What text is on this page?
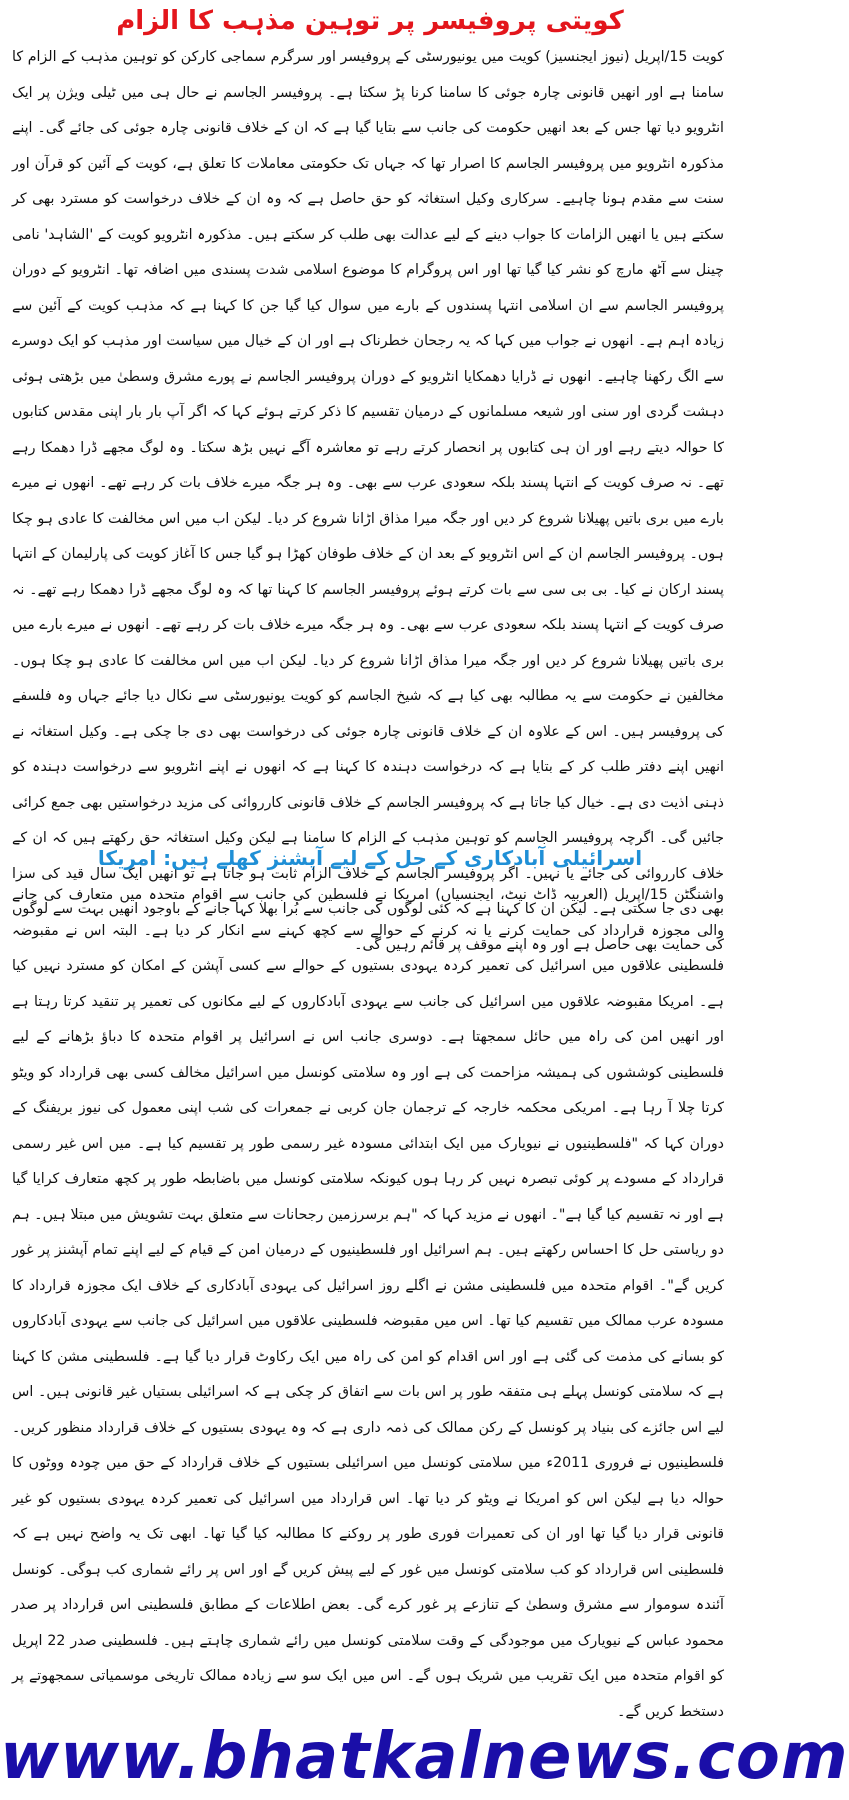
کویتی پروفیسر پر توہین مذہب کا الزام

کویت 15/اپریل (نیوز ایجنسیز) کویت میں یونیورسٹی کے پروفیسر اور سرگرم سماجی کارکن کو توہین مذہب کے الزام کا سامنا ہے اور انھیں قانونی چارہ جوئی کا سامنا کرنا پڑ سکتا ہے۔ پروفیسر الجاسم نے حال ہی میں ٹیلی ویژن پر ایک انٹرویو دیا تھا جس کے بعد انھیں حکومت کی جانب سے بتایا گیا ہے کہ ان کے خلاف قانونی چارہ جوئی کی جائے گی۔ اپنے مذکورہ انٹرویو میں پروفیسر الجاسم کا اصرار تھا کہ جہاں تک حکومتی معاملات کا تعلق ہے، کویت کے آئین کو قرآن اور سنت سے مقدم ہونا چاہیے۔ سرکاری وکیل استغاثہ کو حق حاصل ہے کہ وہ ان کے خلاف درخواست کو مسترد بھی کر سکتے ہیں یا انھیں الزامات کا جواب دینے کے لیے عدالت بھی طلب کر سکتے ہیں۔ مذکورہ انٹرویو کویت کے 'الشاہد' نامی چینل سے آٹھ مارچ کو نشر کیا گیا تھا اور اس پروگرام کا موضوع اسلامی شدت پسندی میں اضافہ تھا۔ انٹرویو کے دوران پروفیسر الجاسم سے ان اسلامی انتہا پسندوں کے بارے میں سوال کیا گیا جن کا کہنا ہے کہ مذہب کویت کے آئین سے زیادہ اہم ہے۔ انھوں نے جواب میں کہا کہ یہ رجحان خطرناک ہے اور ان کے خیال میں سیاست اور مذہب کو ایک دوسرے سے الگ رکھنا چاہیے۔ انھوں نے ڈرایا دھمکایا انٹرویو کے دوران پروفیسر الجاسم نے پورے مشرق وسطیٰ میں بڑھتی ہوئی دہشت گردی اور سنی اور شیعہ مسلمانوں کے درمیان تقسیم کا ذکر کرتے ہوئے کہا کہ اگر آپ بار بار اپنی مقدس کتابوں کا حوالہ دیتے رہے اور ان ہی کتابوں پر انحصار کرتے رہے تو معاشرہ آگے نہیں بڑھ سکتا۔ وہ لوگ مجھے ڈرا دھمکا رہے تھے۔ نہ صرف کویت کے انتہا پسند بلکہ سعودی عرب سے بھی۔ وہ ہر جگہ میرے خلاف بات کر رہے تھے۔ انھوں نے میرے بارے میں بری باتیں پھیلانا شروع کر دیں اور جگہ میرا مذاق اڑانا شروع کر دیا۔ لیکن اب میں اس مخالفت کا عادی ہو چکا ہوں۔ پروفیسر الجاسم ان کے اس انٹرویو کے بعد ان کے خلاف طوفان کھڑا ہو گیا جس کا آغاز کویت کی پارلیمان کے انتہا پسند ارکان نے کیا۔ بی بی سی سے بات کرتے ہوئے پروفیسر الجاسم کا کہنا تھا کہ وہ لوگ مجھے ڈرا دھمکا رہے تھے۔ نہ صرف کویت کے انتہا پسند بلکہ سعودی عرب سے بھی۔ وہ ہر جگہ میرے خلاف بات کر رہے تھے۔ انھوں نے میرے بارے میں بری باتیں پھیلانا شروع کر دیں اور جگہ میرا مذاق اڑانا شروع کر دیا۔ لیکن اب میں اس مخالفت کا عادی ہو چکا ہوں۔ مخالفین نے حکومت سے یہ مطالبہ بھی کیا ہے کہ شیخ الجاسم کو کویت یونیورسٹی سے نکال دیا جائے جہاں وہ فلسفے کی پروفیسر ہیں۔ اس کے علاوہ ان کے خلاف قانونی چارہ جوئی کی درخواست بھی دی جا چکی ہے۔ وکیل استغاثہ نے انھیں اپنے دفتر طلب کر کے بتایا ہے کہ درخواست دہندہ کا کہنا ہے کہ انھوں نے اپنے انٹرویو سے درخواست دہندہ کو ذہنی اذیت دی ہے۔ خیال کیا جاتا ہے کہ پروفیسر الجاسم کے خلاف قانونی کارروائی کی مزید درخواستیں بھی جمع کرائی جائیں گی۔ اگرچہ پروفیسر الجاسم کو توہین مذہب کے الزام کا سامنا ہے لیکن وکیل استغاثہ حق رکھتے ہیں کہ ان کے خلاف کارروائی کی جائے یا نہیں۔ اگر پروفیسر الجاسم کے خلاف الزام ثابت ہو جاتا ہے تو انھیں ایک سال قید کی سزا بھی دی جا سکتی ہے۔ لیکن ان کا کہنا ہے کہ کئی لوگوں کی جانب سے بُرا بھلا کہا جانے کے باوجود انھیں بہت سے لوگوں کی حمایت بھی حاصل ہے اور وہ اپنے موقف پر قائم رہیں گی۔

اسرائیلی آبادکاری کے حل کے لیے آپشنز کھلے ہیں: امریکا

واشنگٹن 15/اپریل (العربیہ ڈاٹ نیٹ، ایجنسیاں) امریکا نے فلسطین کی جانب سے اقوام متحدہ میں متعارف کی جانے والی مجوزہ قرارداد کی حمایت کرنے یا نہ کرنے کے حوالے سے کچھ کہنے سے انکار کر دیا ہے۔ البتہ اس نے مقبوضہ فلسطینی علاقوں میں اسرائیل کی تعمیر کردہ یہودی بستیوں کے حوالے سے کسی آپشن کے امکان کو مسترد نہیں کیا ہے۔ امریکا مقبوضہ علاقوں میں اسرائیل کی جانب سے یہودی آبادکاروں کے لیے مکانوں کی تعمیر پر تنقید کرتا رہتا ہے اور انھیں امن کی راہ میں حائل سمجھتا ہے۔ دوسری جانب اس نے اسرائیل پر اقوام متحدہ کا دباؤ بڑھانے کے لیے فلسطینی کوششوں کی ہمیشہ مزاحمت کی ہے اور وہ سلامتی کونسل میں اسرائیل مخالف کسی بھی قرارداد کو ویٹو کرتا چلا آ رہا ہے۔ امریکی محکمہ خارجہ کے ترجمان جان کربی نے جمعرات کی شب اپنی معمول کی نیوز بریفنگ کے دوران کہا کہ "فلسطینیوں نے نیویارک میں ایک ابتدائی مسودہ غیر رسمی طور پر تقسیم کیا ہے۔ میں اس غیر رسمی قرارداد کے مسودے پر کوئی تبصرہ نہیں کر رہا ہوں کیونکہ سلامتی کونسل میں باضابطہ طور پر کچھ متعارف کرایا گیا ہے اور نہ تقسیم کیا گیا ہے"۔ انھوں نے مزید کہا کہ "ہم برسرزمین رجحانات سے متعلق بہت تشویش میں مبتلا ہیں۔ ہم دو ریاستی حل کا احساس رکھتے ہیں۔ ہم اسرائیل اور فلسطینیوں کے درمیان امن کے قیام کے لیے اپنے تمام آپشنز پر غور کریں گے"۔ اقوام متحدہ میں فلسطینی مشن نے اگلے روز اسرائیل کی یہودی آبادکاری کے خلاف ایک مجوزہ قرارداد کا مسودہ عرب ممالک میں تقسیم کیا تھا۔ اس میں مقبوضہ فلسطینی علاقوں میں اسرائیل کی جانب سے یہودی آبادکاروں کو بسانے کی مذمت کی گئی ہے اور اس اقدام کو امن کی راہ میں ایک رکاوٹ قرار دیا گیا ہے۔ فلسطینی مشن کا کہنا ہے کہ سلامتی کونسل پہلے ہی متفقہ طور پر اس بات سے اتفاق کر چکی ہے کہ اسرائیلی بستیاں غیر قانونی ہیں۔ اس لیے اس جائزے کی بنیاد پر کونسل کے رکن ممالک کی ذمہ داری ہے کہ وہ یہودی بستیوں کے خلاف قرارداد منظور کریں۔ فلسطینیوں نے فروری 2011ء میں سلامتی کونسل میں اسرائیلی بستیوں کے خلاف قرارداد کے حق میں چودہ ووٹوں کا حوالہ دیا ہے لیکن اس کو امریکا نے ویٹو کر دیا تھا۔ اس قرارداد میں اسرائیل کی تعمیر کردہ یہودی بستیوں کو غیر قانونی قرار دیا گیا تھا اور ان کی تعمیرات فوری طور پر روکنے کا مطالبہ کیا گیا تھا۔ ابھی تک یہ واضح نہیں ہے کہ فلسطینی اس قرارداد کو کب سلامتی کونسل میں غور کے لیے پیش کریں گے اور اس پر رائے شماری کب ہوگی۔ کونسل آئندہ سوموار سے مشرق وسطیٰ کے تنازعے پر غور کرے گی۔ بعض اطلاعات کے مطابق فلسطینی اس قرارداد پر صدر محمود عباس کے نیویارک میں موجودگی کے وقت سلامتی کونسل میں رائے شماری چاہتے ہیں۔ فلسطینی صدر 22 اپریل کو اقوام متحدہ میں ایک تقریب میں شریک ہوں گے۔ اس میں ایک سو سے زیادہ ممالک تاریخی موسمیاتی سمجھوتے پر دستخط کریں گے۔

www.bhatkalnews.com
